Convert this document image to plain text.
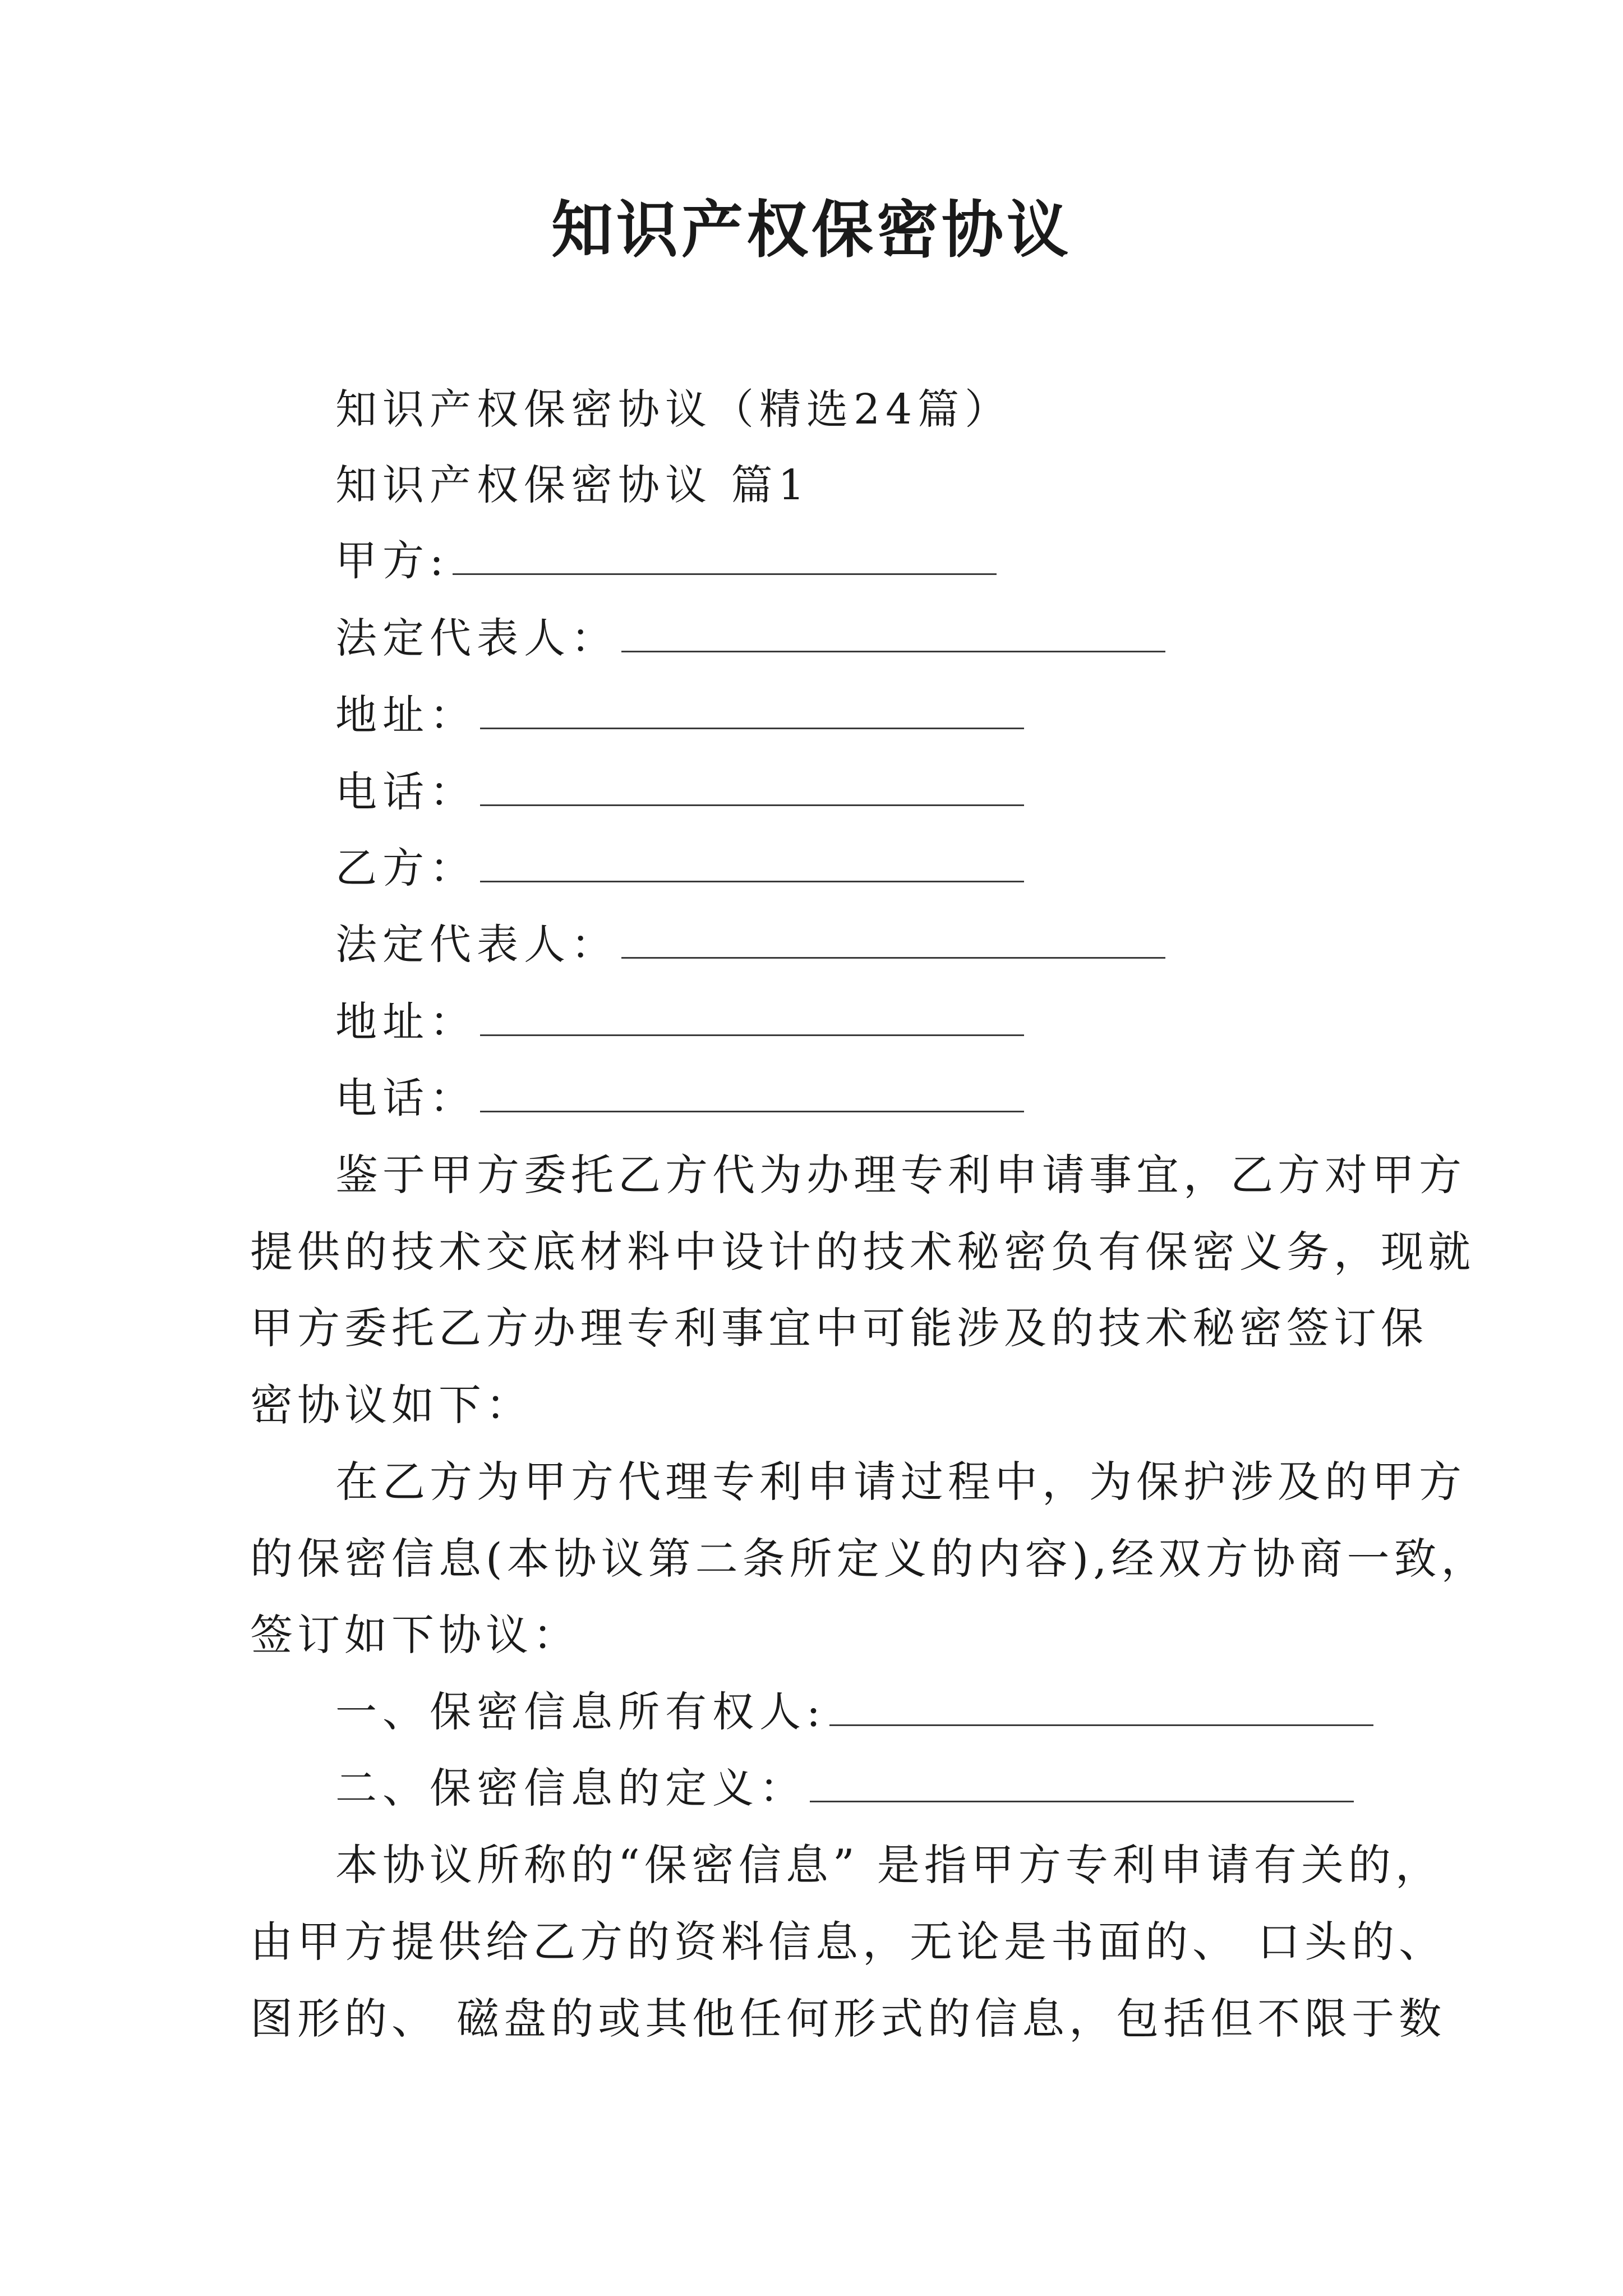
知识产权保密协议
知识产权保密协议（精选24篇）
知识产权保密协议 篇1
甲方:
法定代表人：
地址：
电话：
乙方：
法定代表人：
地址：
电话：
鉴于甲方委托乙方代为办理专利申请事宜，乙方对甲方
提供的技术交底材料中设计的技术秘密负有保密义务，现就
甲方委托乙方办理专利事宜中可能涉及的技术秘密签订保
密协议如下：
在乙方为甲方代理专利申请过程中，为保护涉及的甲方
的保密信息(本协议第二条所定义的内容),经双方协商一致，
签订如下协议：
一、保密信息所有权人:
二、保密信息的定义：
本协议所称的“保密信息” 是指甲方专利申请有关的，
由甲方提供给乙方的资料信息，无论是书面的、 口头的、
图形的、 磁盘的或其他任何形式的信息，包括但不限于数
